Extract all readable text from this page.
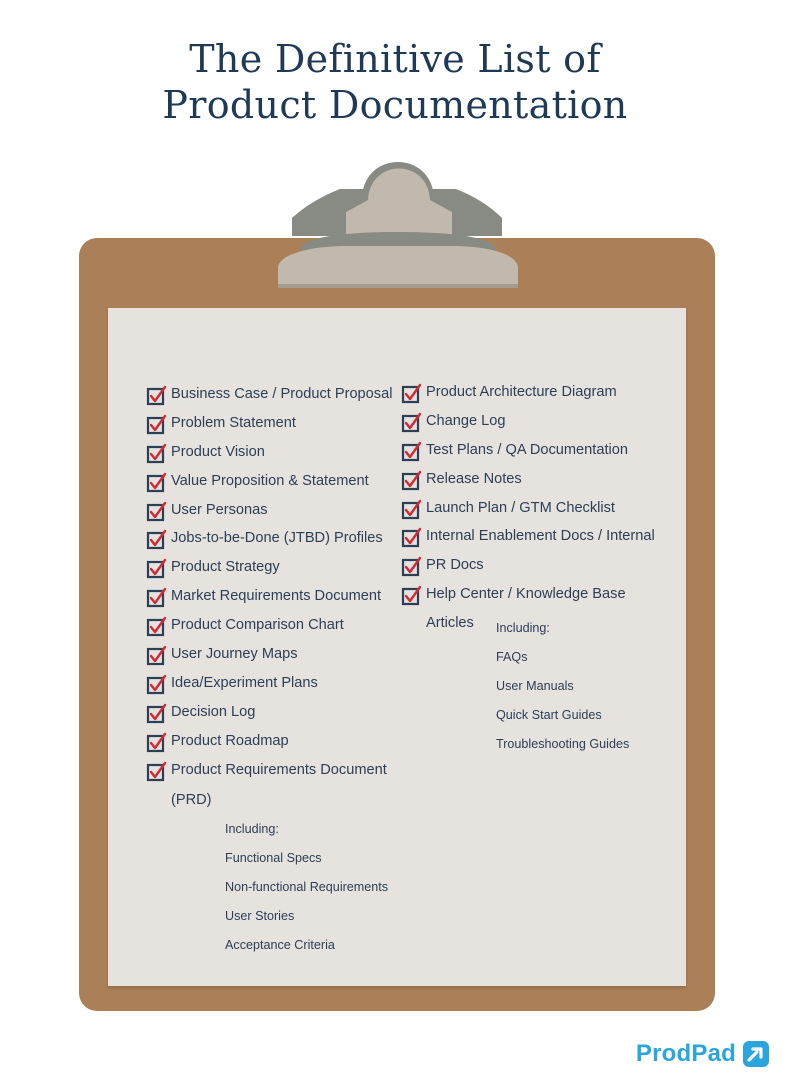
The Definitive List of
Product Documentation
Business Case / Product Proposal
Problem Statement
Product Vision
Value Proposition & Statement
User Personas
Jobs-to-be-Done (JTBD) Profiles
Product Strategy
Market Requirements Document
Product Comparison Chart
User Journey Maps
Idea/Experiment Plans
Decision Log
Product Roadmap
Product Requirements Document
(PRD)
Including:
Functional Specs
Non-functional Requirements
User Stories
Acceptance Criteria
Product Architecture Diagram
Change Log
Test Plans / QA Documentation
Release Notes
Launch Plan / GTM Checklist
Internal Enablement Docs / Internal
PR Docs
Help Center / Knowledge Base
Articles Including:
FAQs
User Manuals
Quick Start Guides
Troubleshooting Guides
ProdPad
